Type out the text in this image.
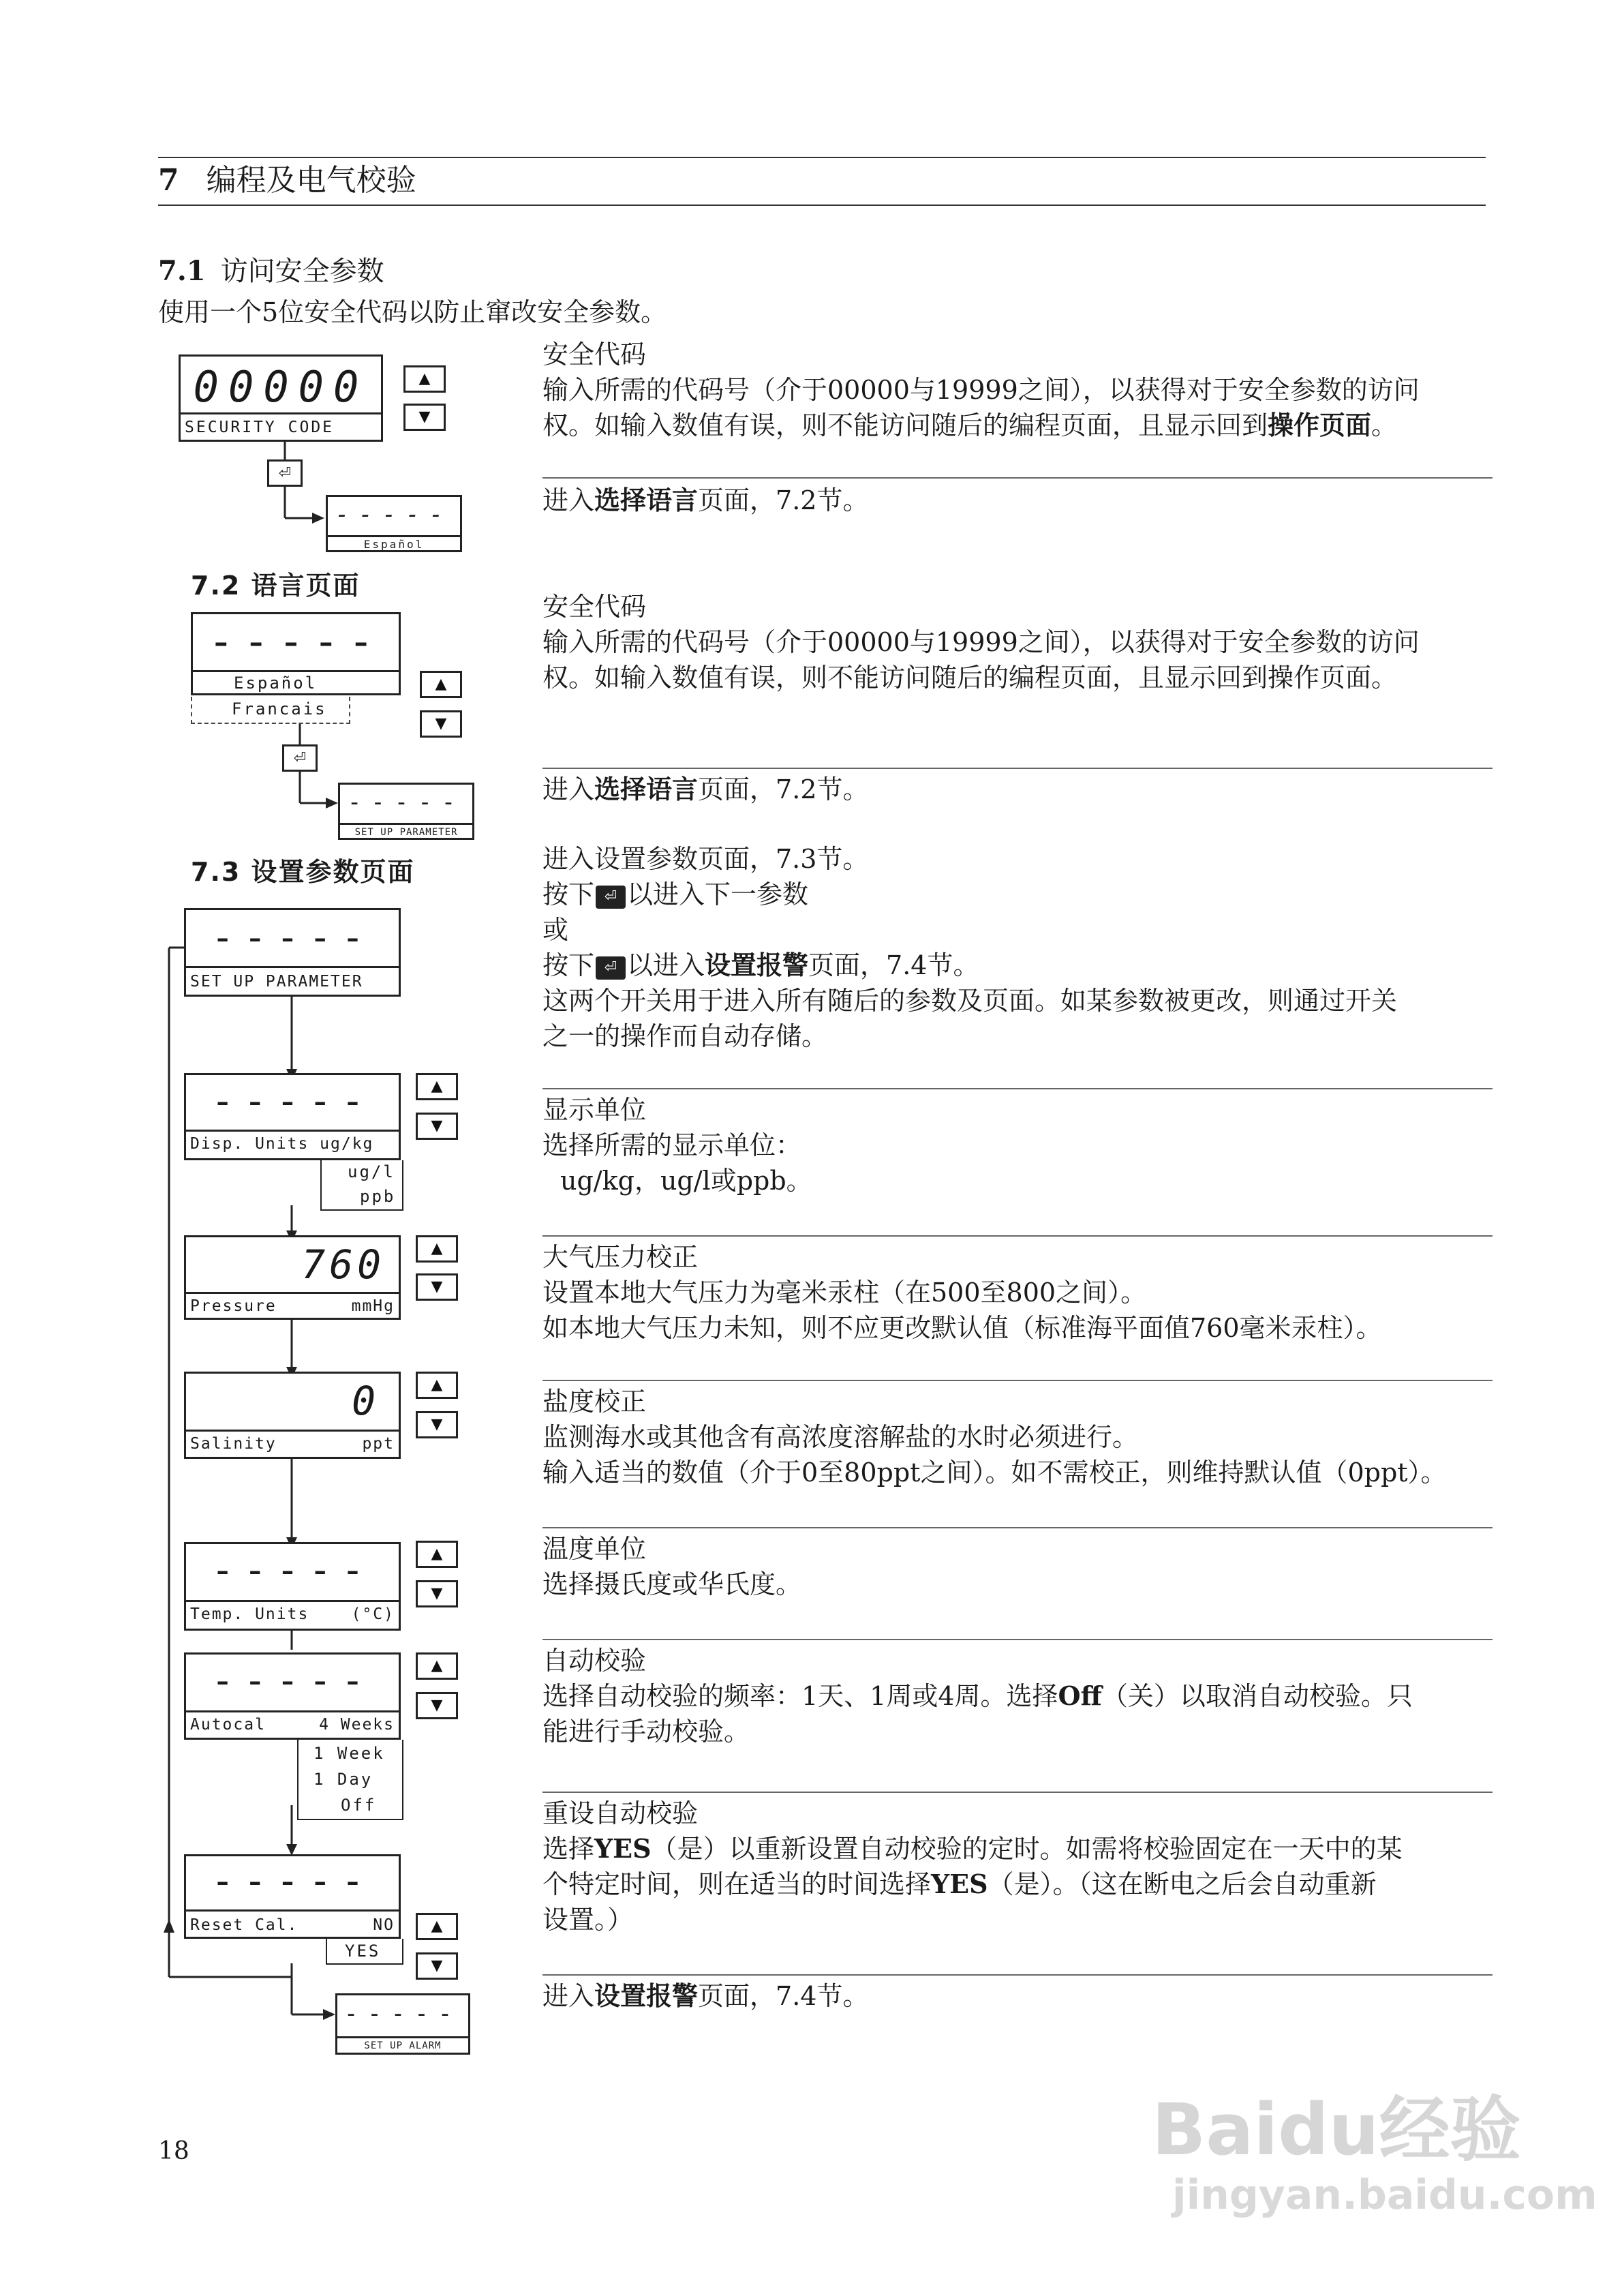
7 编程及电气校验
7.1 访问安全参数
使用一个5位安全代码以防止窜改安全参数。
00000
SECURITY CODE
▲
▼
⏎
-----
Español
安全代码
输入所需的代码号（介于00000与19999之间），以获得对于安全参数的访问
权。如输入数值有误，则不能访问随后的编程页面，且显示回到操作页面。
进入选择语言页面，7.2节。
7.2 语言页面
-----
Español
Francais
▲
▼
⏎
-----
SET UP PARAMETER
安全代码
输入所需的代码号（介于00000与19999之间），以获得对于安全参数的访问
权。如输入数值有误，则不能访问随后的编程页面，且显示回到操作页面。
进入选择语言页面，7.2节。
7.3 设置参数页面	进入设置参数页面，7.3节。
按下 ⏎ 以进入下一参数
或
按下 ⏎ 以进入设置报警页面，7.4节。
这两个开关用于进入所有随后的参数及页面。如某参数被更改，则通过开关
之一的操作而自动存储。
-----
SET UP PARAMETER
-----
Disp. Units ug/kg
ug/l
ppb
▲
▼
显示单位
选择所需的显示单位：
ug/kg，ug/l或ppb。
760
Pressure	mmHg
▲
▼
大气压力校正
设置本地大气压力为毫米汞柱（在500至800之间）。
如本地大气压力未知，则不应更改默认值（标准海平面值760毫米汞柱）。
0
Salinity	ppt
▲
▼
盐度校正
监测海水或其他含有高浓度溶解盐的水时必须进行。
输入适当的数值（介于0至80ppt之间）。如不需校正，则维持默认值（0ppt）。
-----
Temp. Units	(°C)
▲
▼
温度单位
选择摄氏度或华氏度。
-----
Autocal	4 Weeks
1 Week
1 Day
Off
▲
▼
自动校验
选择自动校验的频率：1天、1周或4周。选择Off（关）以取消自动校验。只
能进行手动校验。
-----
Reset Cal.	NO
YES
▲
▼
重设自动校验
选择YES（是）以重新设置自动校验的定时。如需将校验固定在一天中的某
个特定时间，则在适当的时间选择YES（是）。（这在断电之后会自动重新
设置。）
进入设置报警页面，7.4节。
-----
SET UP ALARM
18	Baidu经验
jingyan.baidu.com
